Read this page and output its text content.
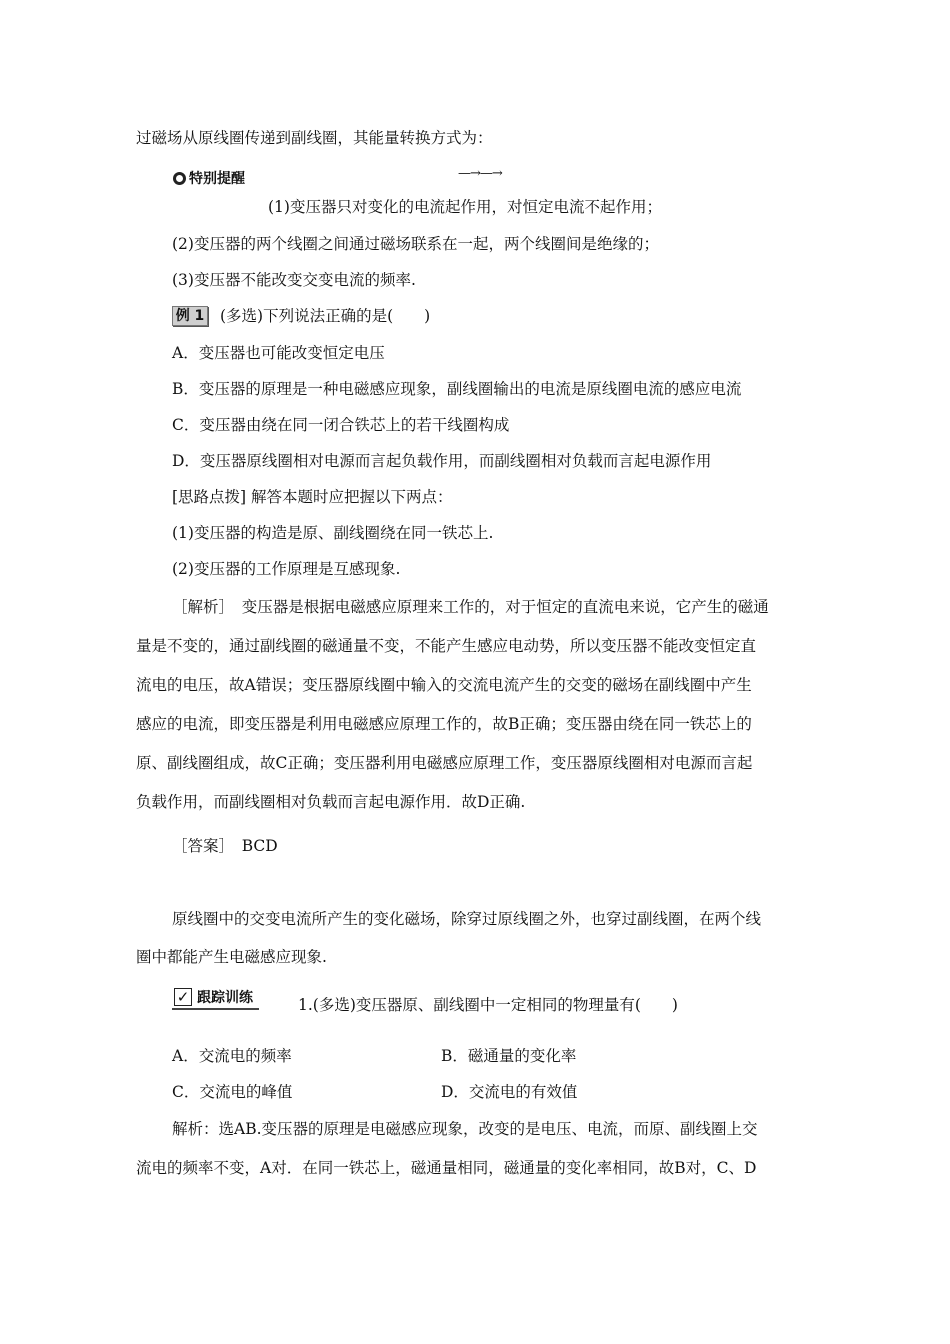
过磁场从原线圈传递到副线圈，其能量转换方式为：
—→—→
特别提醒
(1)变压器只对变化的电流起作用，对恒定电流不起作用；
(2)变压器的两个线圈之间通过磁场联系在一起，两个线圈间是绝缘的；
(3)变压器不能改变交变电流的频率.
例 1 (多选)下列说法正确的是(　　)
A．变压器也可能改变恒定电压
B．变压器的原理是一种电磁感应现象，副线圈输出的电流是原线圈电流的感应电流
C．变压器由绕在同一闭合铁芯上的若干线圈构成
D．变压器原线圈相对电源而言起负载作用，而副线圈相对负载而言起电源作用
[思路点拨] 解答本题时应把握以下两点：
(1)变压器的构造是原、副线圈绕在同一铁芯上.
(2)变压器的工作原理是互感现象.
［解析］　变压器是根据电磁感应原理来工作的，对于恒定的直流电来说，它产生的磁通
量是不变的，通过副线圈的磁通量不变，不能产生感应电动势，所以变压器不能改变恒定直
流电的电压，故A错误；变压器原线圈中输入的交流电流产生的交变的磁场在副线圈中产生
感应的电流，即变压器是利用电磁感应原理工作的，故B正确；变压器由绕在同一铁芯上的
原、副线圈组成，故C正确；变压器利用电磁感应原理工作，变压器原线圈相对电源而言起
负载作用，而副线圈相对负载而言起电源作用．故D正确.
［答案］　BCD
原线圈中的交变电流所产生的变化磁场，除穿过原线圈之外，也穿过副线圈，在两个线
圈中都能产生电磁感应现象.
✓ 跟踪训练	1.(多选)变压器原、副线圈中一定相同的物理量有(　　)
A．交流电的频率	B．磁通量的变化率
C．交流电的峰值	D．交流电的有效值
解析：选AB.变压器的原理是电磁感应现象，改变的是电压、电流，而原、副线圈上交
流电的频率不变，A对．在同一铁芯上，磁通量相同，磁通量的变化率相同，故B对，C、D
